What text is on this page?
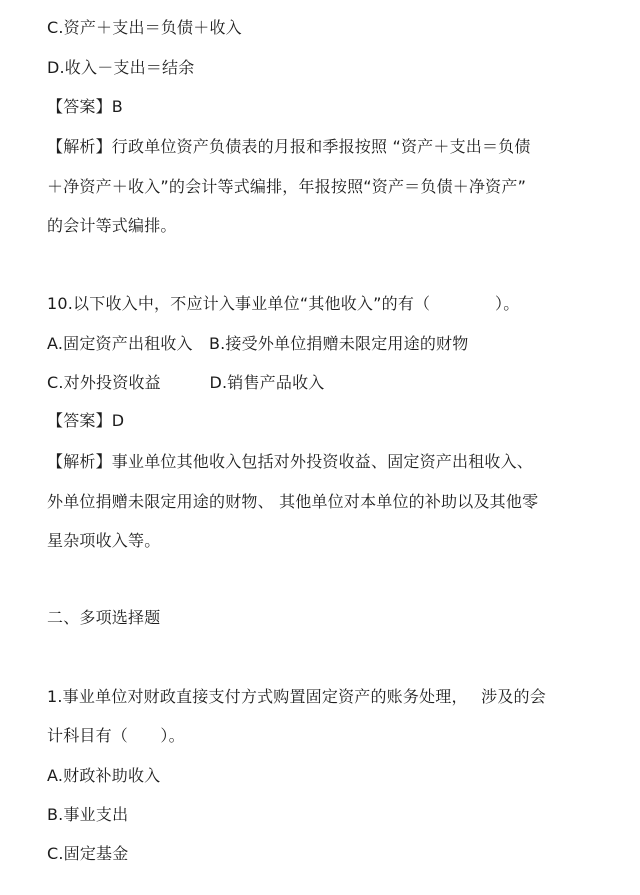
C.资产＋支出＝负债＋收入

D.收入－支出＝结余

【答案】B

【解析】行政单位资产负债表的月报和季报按照 “资产＋支出＝负债

＋净资产＋收入”的会计等式编排，年报按照“资产＝负债＋净资产”

的会计等式编排。

10.以下收入中，不应计入事业单位“其他收入”的有（　　　　）。

A.固定资产出租收入　B.接受外单位捐赠未限定用途的财物

C.对外投资收益　　　D.销售产品收入

【答案】D

【解析】事业单位其他收入包括对外投资收益、固定资产出租收入、

外单位捐赠未限定用途的财物、 其他单位对本单位的补助以及其他零

星杂项收入等。

二、多项选择题

1.事业单位对财政直接支付方式购置固定资产的账务处理，　 涉及的会

计科目有（　　）。

A.财政补助收入

B.事业支出

C.固定基金
